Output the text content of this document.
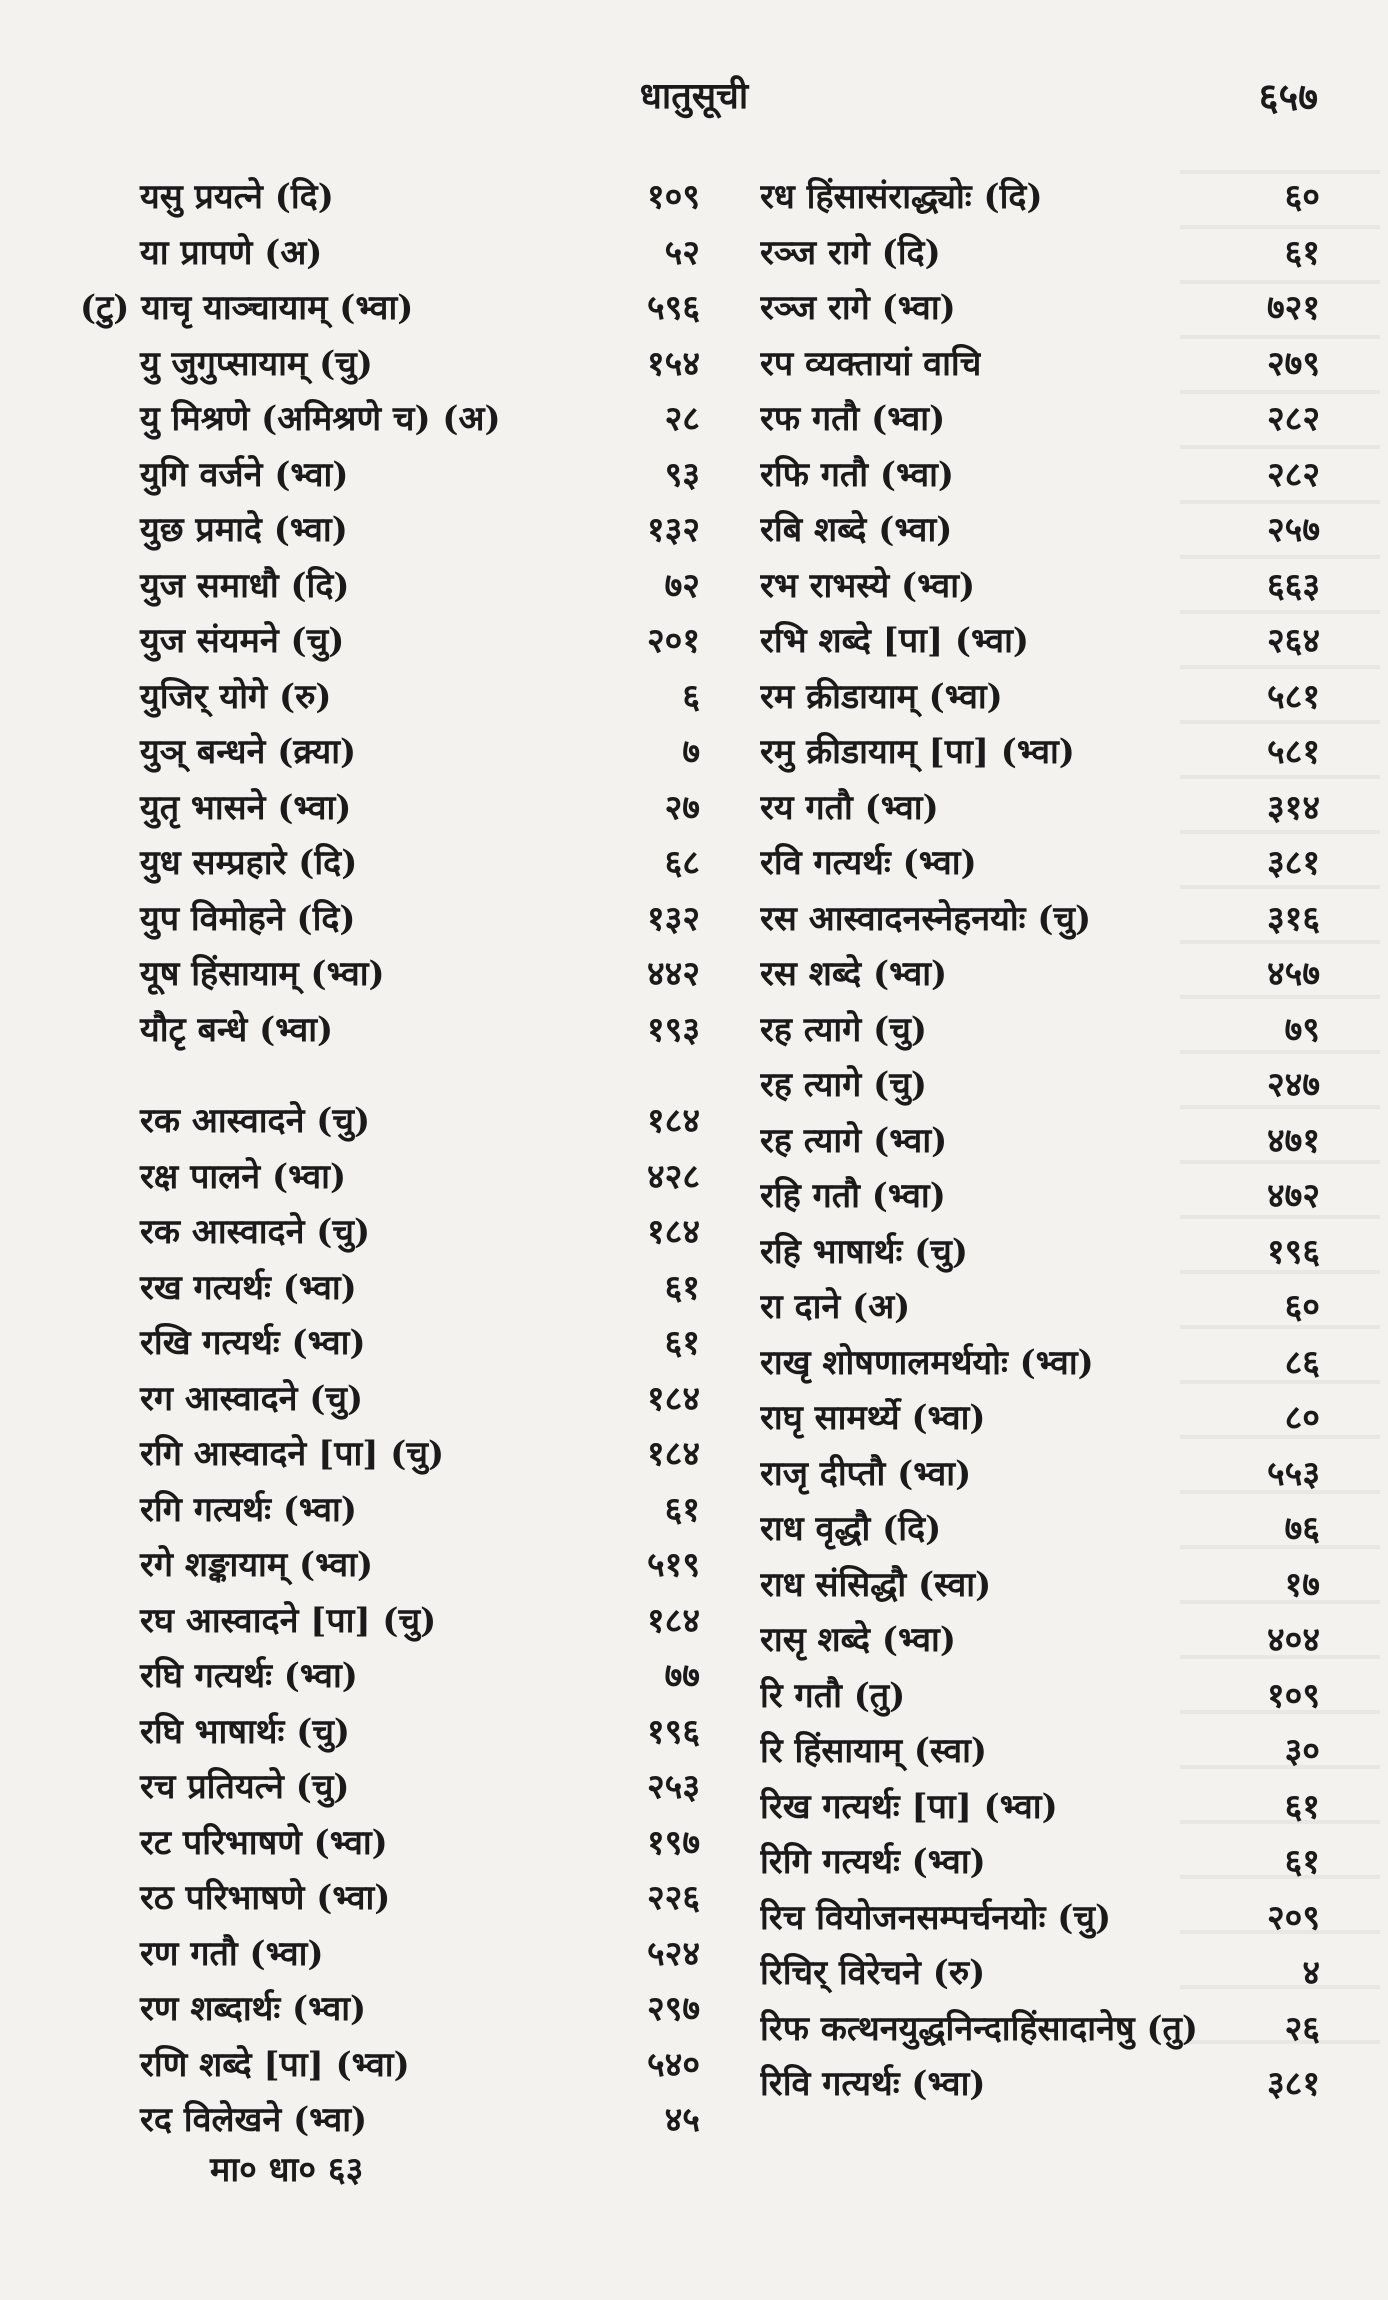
धातुसूची	६५७
यसु प्रयत्ने (दि)	१०९
या प्रापणे (अ)	५२
(टु) याचृ याञ्चायाम् (भ्वा)	५९६
यु जुगुप्सायाम् (चु)	१५४
यु मिश्रणे (अमिश्रणे च) (अ)	२८
युगि वर्जने (भ्वा)	९३
युछ प्रमादे (भ्वा)	१३२
युज समाधौ (दि)	७२
युज संयमने (चु)	२०१
युजिर् योगे (रु)	६
युञ् बन्धने (क्र्या)	७
युतृ भासने (भ्वा)	२७
युध सम्प्रहारे (दि)	६८
युप विमोहने (दि)	१३२
यूष हिंसायाम् (भ्वा)	४४२
यौटृ बन्धे (भ्वा)	१९३
रक आस्वादने (चु)	१८४
रक्ष पालने (भ्वा)	४२८
रक आस्वादने (चु)	१८४
रख गत्यर्थः (भ्वा)	६१
रखि गत्यर्थः (भ्वा)	६१
रग आस्वादने (चु)	१८४
रगि आस्वादने [पा] (चु)	१८४
रगि गत्यर्थः (भ्वा)	६१
रगे शङ्कायाम् (भ्वा)	५१९
रघ आस्वादने [पा] (चु)	१८४
रघि गत्यर्थः (भ्वा)	७७
रघि भाषार्थः (चु)	१९६
रच प्रतियत्ने (चु)	२५३
रट परिभाषणे (भ्वा)	१९७
रठ परिभाषणे (भ्वा)	२२६
रण गतौ (भ्वा)	५२४
रण शब्दार्थः (भ्वा)	२९७
रणि शब्दे [पा] (भ्वा)	५४०
रद विलेखने (भ्वा)	४५
रध हिंसासंराद्ध्योः (दि)	६०
रञ्ज रागे (दि)	६१
रञ्ज रागे (भ्वा)	७२१
रप व्यक्तायां वाचि	२७९
रफ गतौ (भ्वा)	२८२
रफि गतौ (भ्वा)	२८२
रबि शब्दे (भ्वा)	२५७
रभ राभस्ये (भ्वा)	६६३
रभि शब्दे [पा] (भ्वा)	२६४
रम क्रीडायाम् (भ्वा)	५८१
रमु क्रीडायाम् [पा] (भ्वा)	५८१
रय गतौ (भ्वा)	३१४
रवि गत्यर्थः (भ्वा)	३८१
रस आस्वादनस्नेहनयोः (चु)	३१६
रस शब्दे (भ्वा)	४५७
रह त्यागे (चु)	७९
रह त्यागे (चु)	२४७
रह त्यागे (भ्वा)	४७१
रहि गतौ (भ्वा)	४७२
रहि भाषार्थः (चु)	१९६
रा दाने (अ)	६०
राखृ शोषणालमर्थयोः (भ्वा)	८६
राघृ सामर्थ्ये (भ्वा)	८०
राजृ दीप्तौ (भ्वा)	५५३
राध वृद्धौ (दि)	७६
राध संसिद्धौ (स्वा)	१७
रासृ शब्दे (भ्वा)	४०४
रि गतौ (तु)	१०९
रि हिंसायाम् (स्वा)	३०
रिख गत्यर्थः [पा] (भ्वा)	६१
रिगि गत्यर्थः (भ्वा)	६१
रिच वियोजनसम्पर्चनयोः (चु)	२०९
रिचिर् विरेचने (रु)	४
रिफ कत्थनयुद्धनिन्दाहिंसादानेषु (तु)	२६
रिवि गत्यर्थः (भ्वा)	३८१
मा० धा० ६३
